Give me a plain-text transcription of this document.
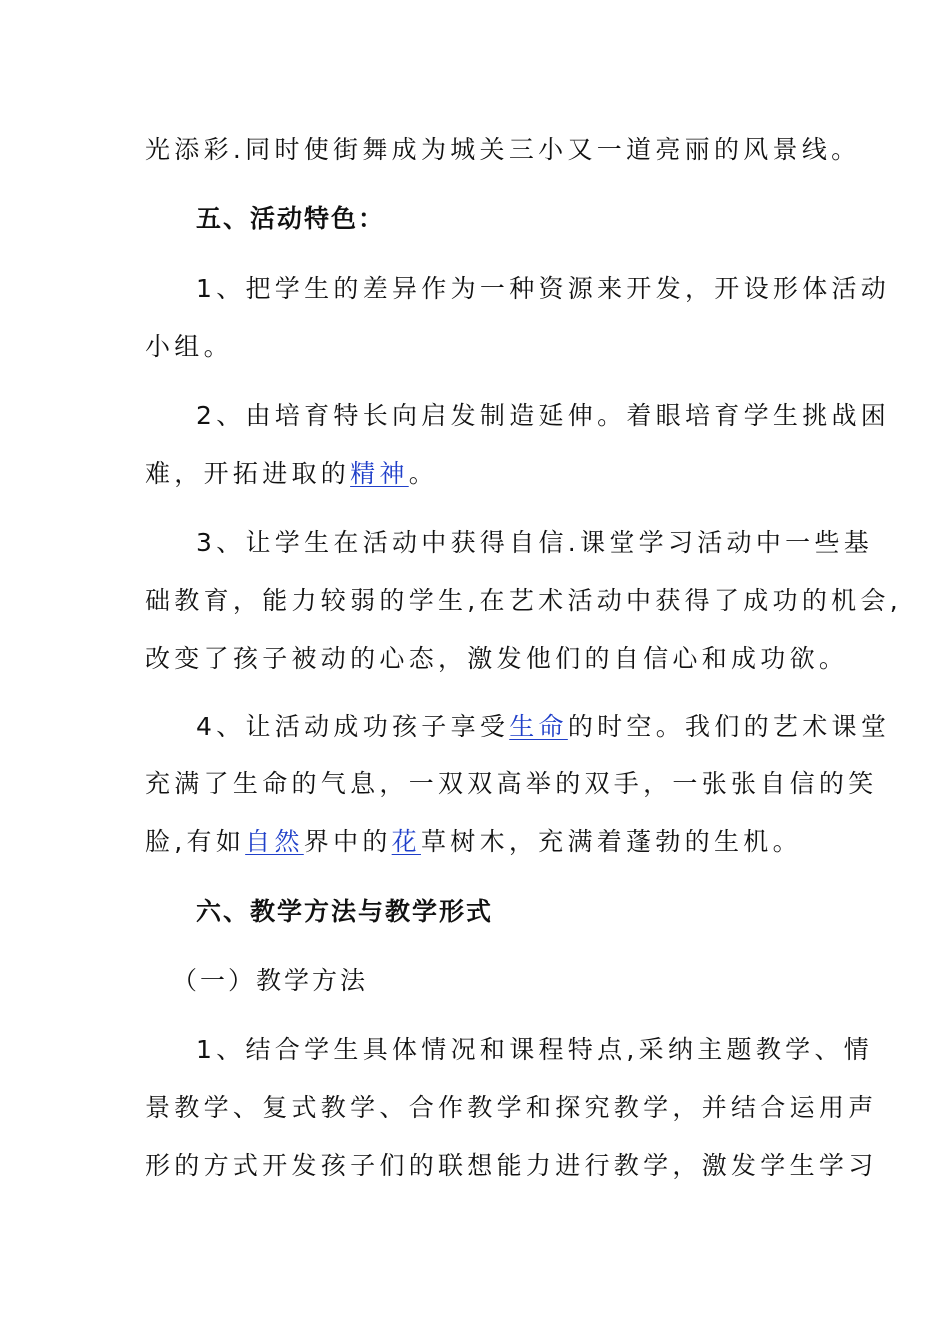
光添彩.同时使街舞成为城关三小又一道亮丽的风景线。
五、活动特色：
1、把学生的差异作为一种资源来开发，开设形体活动
小组。
2、由培育特长向启发制造延伸。着眼培育学生挑战困
难，开拓进取的精神。
3、让学生在活动中获得自信.课堂学习活动中一些基
础教育，能力较弱的学生,在艺术活动中获得了成功的机会,
改变了孩子被动的心态，激发他们的自信心和成功欲。
4、让活动成功孩子享受生命的时空。我们的艺术课堂
充满了生命的气息，一双双高举的双手，一张张自信的笑
脸,有如自然界中的花草树木，充满着蓬勃的生机。
六、教学方法与教学形式
（一）教学方法
1、结合学生具体情况和课程特点,采纳主题教学、情
景教学、复式教学、合作教学和探究教学，并结合运用声
形的方式开发孩子们的联想能力进行教学，激发学生学习
